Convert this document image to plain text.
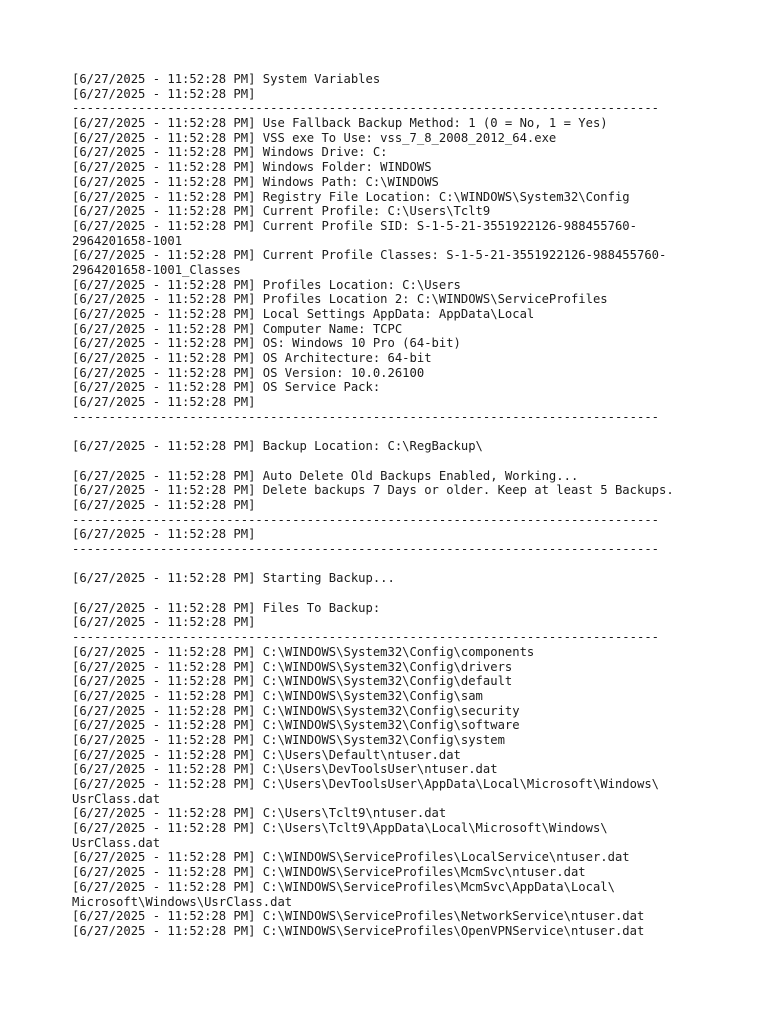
[6/27/2025 - 11:52:28 PM] System Variables
[6/27/2025 - 11:52:28 PM]
--------------------------------------------------------------------------------
[6/27/2025 - 11:52:28 PM] Use Fallback Backup Method: 1 (0 = No, 1 = Yes)
[6/27/2025 - 11:52:28 PM] VSS exe To Use: vss_7_8_2008_2012_64.exe
[6/27/2025 - 11:52:28 PM] Windows Drive: C:
[6/27/2025 - 11:52:28 PM] Windows Folder: WINDOWS
[6/27/2025 - 11:52:28 PM] Windows Path: C:\WINDOWS
[6/27/2025 - 11:52:28 PM] Registry File Location: C:\WINDOWS\System32\Config
[6/27/2025 - 11:52:28 PM] Current Profile: C:\Users\Tclt9
[6/27/2025 - 11:52:28 PM] Current Profile SID: S-1-5-21-3551922126-988455760-
2964201658-1001
[6/27/2025 - 11:52:28 PM] Current Profile Classes: S-1-5-21-3551922126-988455760-
2964201658-1001_Classes
[6/27/2025 - 11:52:28 PM] Profiles Location: C:\Users
[6/27/2025 - 11:52:28 PM] Profiles Location 2: C:\WINDOWS\ServiceProfiles
[6/27/2025 - 11:52:28 PM] Local Settings AppData: AppData\Local
[6/27/2025 - 11:52:28 PM] Computer Name: TCPC
[6/27/2025 - 11:52:28 PM] OS: Windows 10 Pro (64-bit)
[6/27/2025 - 11:52:28 PM] OS Architecture: 64-bit
[6/27/2025 - 11:52:28 PM] OS Version: 10.0.26100
[6/27/2025 - 11:52:28 PM] OS Service Pack:
[6/27/2025 - 11:52:28 PM]
--------------------------------------------------------------------------------
[6/27/2025 - 11:52:28 PM] Backup Location: C:\RegBackup\
[6/27/2025 - 11:52:28 PM] Auto Delete Old Backups Enabled, Working...
[6/27/2025 - 11:52:28 PM] Delete backups 7 Days or older. Keep at least 5 Backups.
[6/27/2025 - 11:52:28 PM]
--------------------------------------------------------------------------------
[6/27/2025 - 11:52:28 PM]
--------------------------------------------------------------------------------
[6/27/2025 - 11:52:28 PM] Starting Backup...
[6/27/2025 - 11:52:28 PM] Files To Backup:
[6/27/2025 - 11:52:28 PM]
--------------------------------------------------------------------------------
[6/27/2025 - 11:52:28 PM] C:\WINDOWS\System32\Config\components
[6/27/2025 - 11:52:28 PM] C:\WINDOWS\System32\Config\drivers
[6/27/2025 - 11:52:28 PM] C:\WINDOWS\System32\Config\default
[6/27/2025 - 11:52:28 PM] C:\WINDOWS\System32\Config\sam
[6/27/2025 - 11:52:28 PM] C:\WINDOWS\System32\Config\security
[6/27/2025 - 11:52:28 PM] C:\WINDOWS\System32\Config\software
[6/27/2025 - 11:52:28 PM] C:\WINDOWS\System32\Config\system
[6/27/2025 - 11:52:28 PM] C:\Users\Default\ntuser.dat
[6/27/2025 - 11:52:28 PM] C:\Users\DevToolsUser\ntuser.dat
[6/27/2025 - 11:52:28 PM] C:\Users\DevToolsUser\AppData\Local\Microsoft\Windows\
UsrClass.dat
[6/27/2025 - 11:52:28 PM] C:\Users\Tclt9\ntuser.dat
[6/27/2025 - 11:52:28 PM] C:\Users\Tclt9\AppData\Local\Microsoft\Windows\
UsrClass.dat
[6/27/2025 - 11:52:28 PM] C:\WINDOWS\ServiceProfiles\LocalService\ntuser.dat
[6/27/2025 - 11:52:28 PM] C:\WINDOWS\ServiceProfiles\McmSvc\ntuser.dat
[6/27/2025 - 11:52:28 PM] C:\WINDOWS\ServiceProfiles\McmSvc\AppData\Local\
Microsoft\Windows\UsrClass.dat
[6/27/2025 - 11:52:28 PM] C:\WINDOWS\ServiceProfiles\NetworkService\ntuser.dat
[6/27/2025 - 11:52:28 PM] C:\WINDOWS\ServiceProfiles\OpenVPNService\ntuser.dat
